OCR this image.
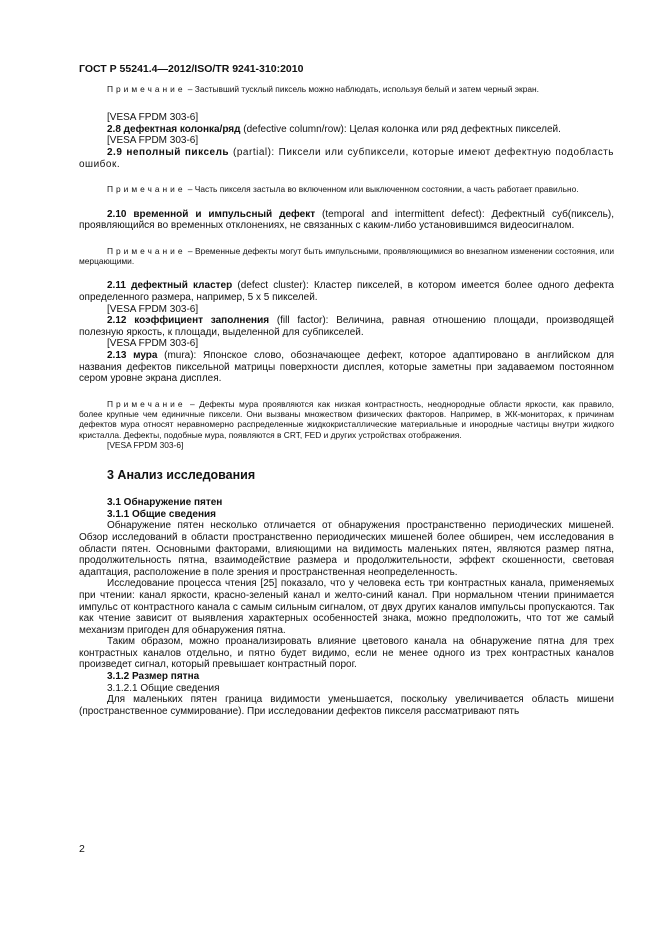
ГОСТ Р 55241.4—2012/ISO/TR 9241-310:2010
Примечание – Застывший тусклый пиксель можно наблюдать, используя белый и затем черный экран.
[VESA FPDM 303-6]
2.8 дефектная колонка/ряд (defective column/row): Целая колонка или ряд дефектных пикселей.
[VESA FPDM 303-6]
2.9 неполный пиксель (partial): Пиксели или субпиксели, которые имеют дефектную подобласть ошибок.
Примечание – Часть пикселя застыла во включенном или выключенном состоянии, а часть работает правильно.
2.10 временной и импульсный дефект (temporal and intermittent defect): Дефектный суб(пиксель), проявляющийся во временных отклонениях, не связанных с каким-либо установившимся видеосигналом.
Примечание – Временные дефекты могут быть импульсными, проявляющимися во внезапном изменении состояния, или мерцающими.
2.11 дефектный кластер (defect cluster): Кластер пикселей, в котором имеется более одного дефекта определенного размера, например, 5 x 5 пикселей.
[VESA FPDM 303-6]
2.12 коэффициент заполнения (fill factor): Величина, равная отношению площади, производящей полезную яркость, к площади, выделенной для субпикселей.
[VESA FPDM 303-6]
2.13 мура (mura): Японское слово, обозначающее дефект, которое адаптировано в английском для названия дефектов пиксельной матрицы поверхности дисплея, которые заметны при задаваемом постоянном сером уровне экрана дисплея.
Примечание – Дефекты мура проявляются как низкая контрастность, неоднородные области яркости, как правило, более крупные чем единичные пиксели. Они вызваны множеством физических факторов. Например, в ЖК-мониторах, к причинам дефектов мура относят неравномерно распределенные жидкокристаллические материальные и инородные частицы внутри жидкого кристалла. Дефекты, подобные мура, появляются в CRT, FED и других устройствах отображения.
[VESA FPDM 303-6]
3 Анализ исследования
3.1 Обнаружение пятен
3.1.1 Общие сведения
Обнаружение пятен несколько отличается от обнаружения пространственно периодических мишеней. Обзор исследований в области пространственно периодических мишеней более обширен, чем исследования в области пятен. Основными факторами, влияющими на видимость маленьких пятен, являются размер пятна, продолжительность пятна, взаимодействие размера и продолжительности, эффект скошенности, световая адаптация, расположение в поле зрения и пространственная неопределенность.
Исследование процесса чтения [25] показало, что у человека есть три контрастных канала, применяемых при чтении: канал яркости, красно-зеленый канал и желто-синий канал. При нормальном чтении принимается импульс от контрастного канала с самым сильным сигналом, от двух других каналов импульсы пропускаются. Так как чтение зависит от выявления характерных особенностей знака, можно предположить, что тот же самый механизм пригоден для обнаружения пятна.
Таким образом, можно проанализировать влияние цветового канала на обнаружение пятна для трех контрастных каналов отдельно, и пятно будет видимо, если не менее одного из трех контрастных каналов произведет сигнал, который превышает контрастный порог.
3.1.2 Размер пятна
3.1.2.1 Общие сведения
Для маленьких пятен граница видимости уменьшается, поскольку увеличивается область мишени (пространственное суммирование). При исследовании дефектов пикселя рассматривают пять
2
